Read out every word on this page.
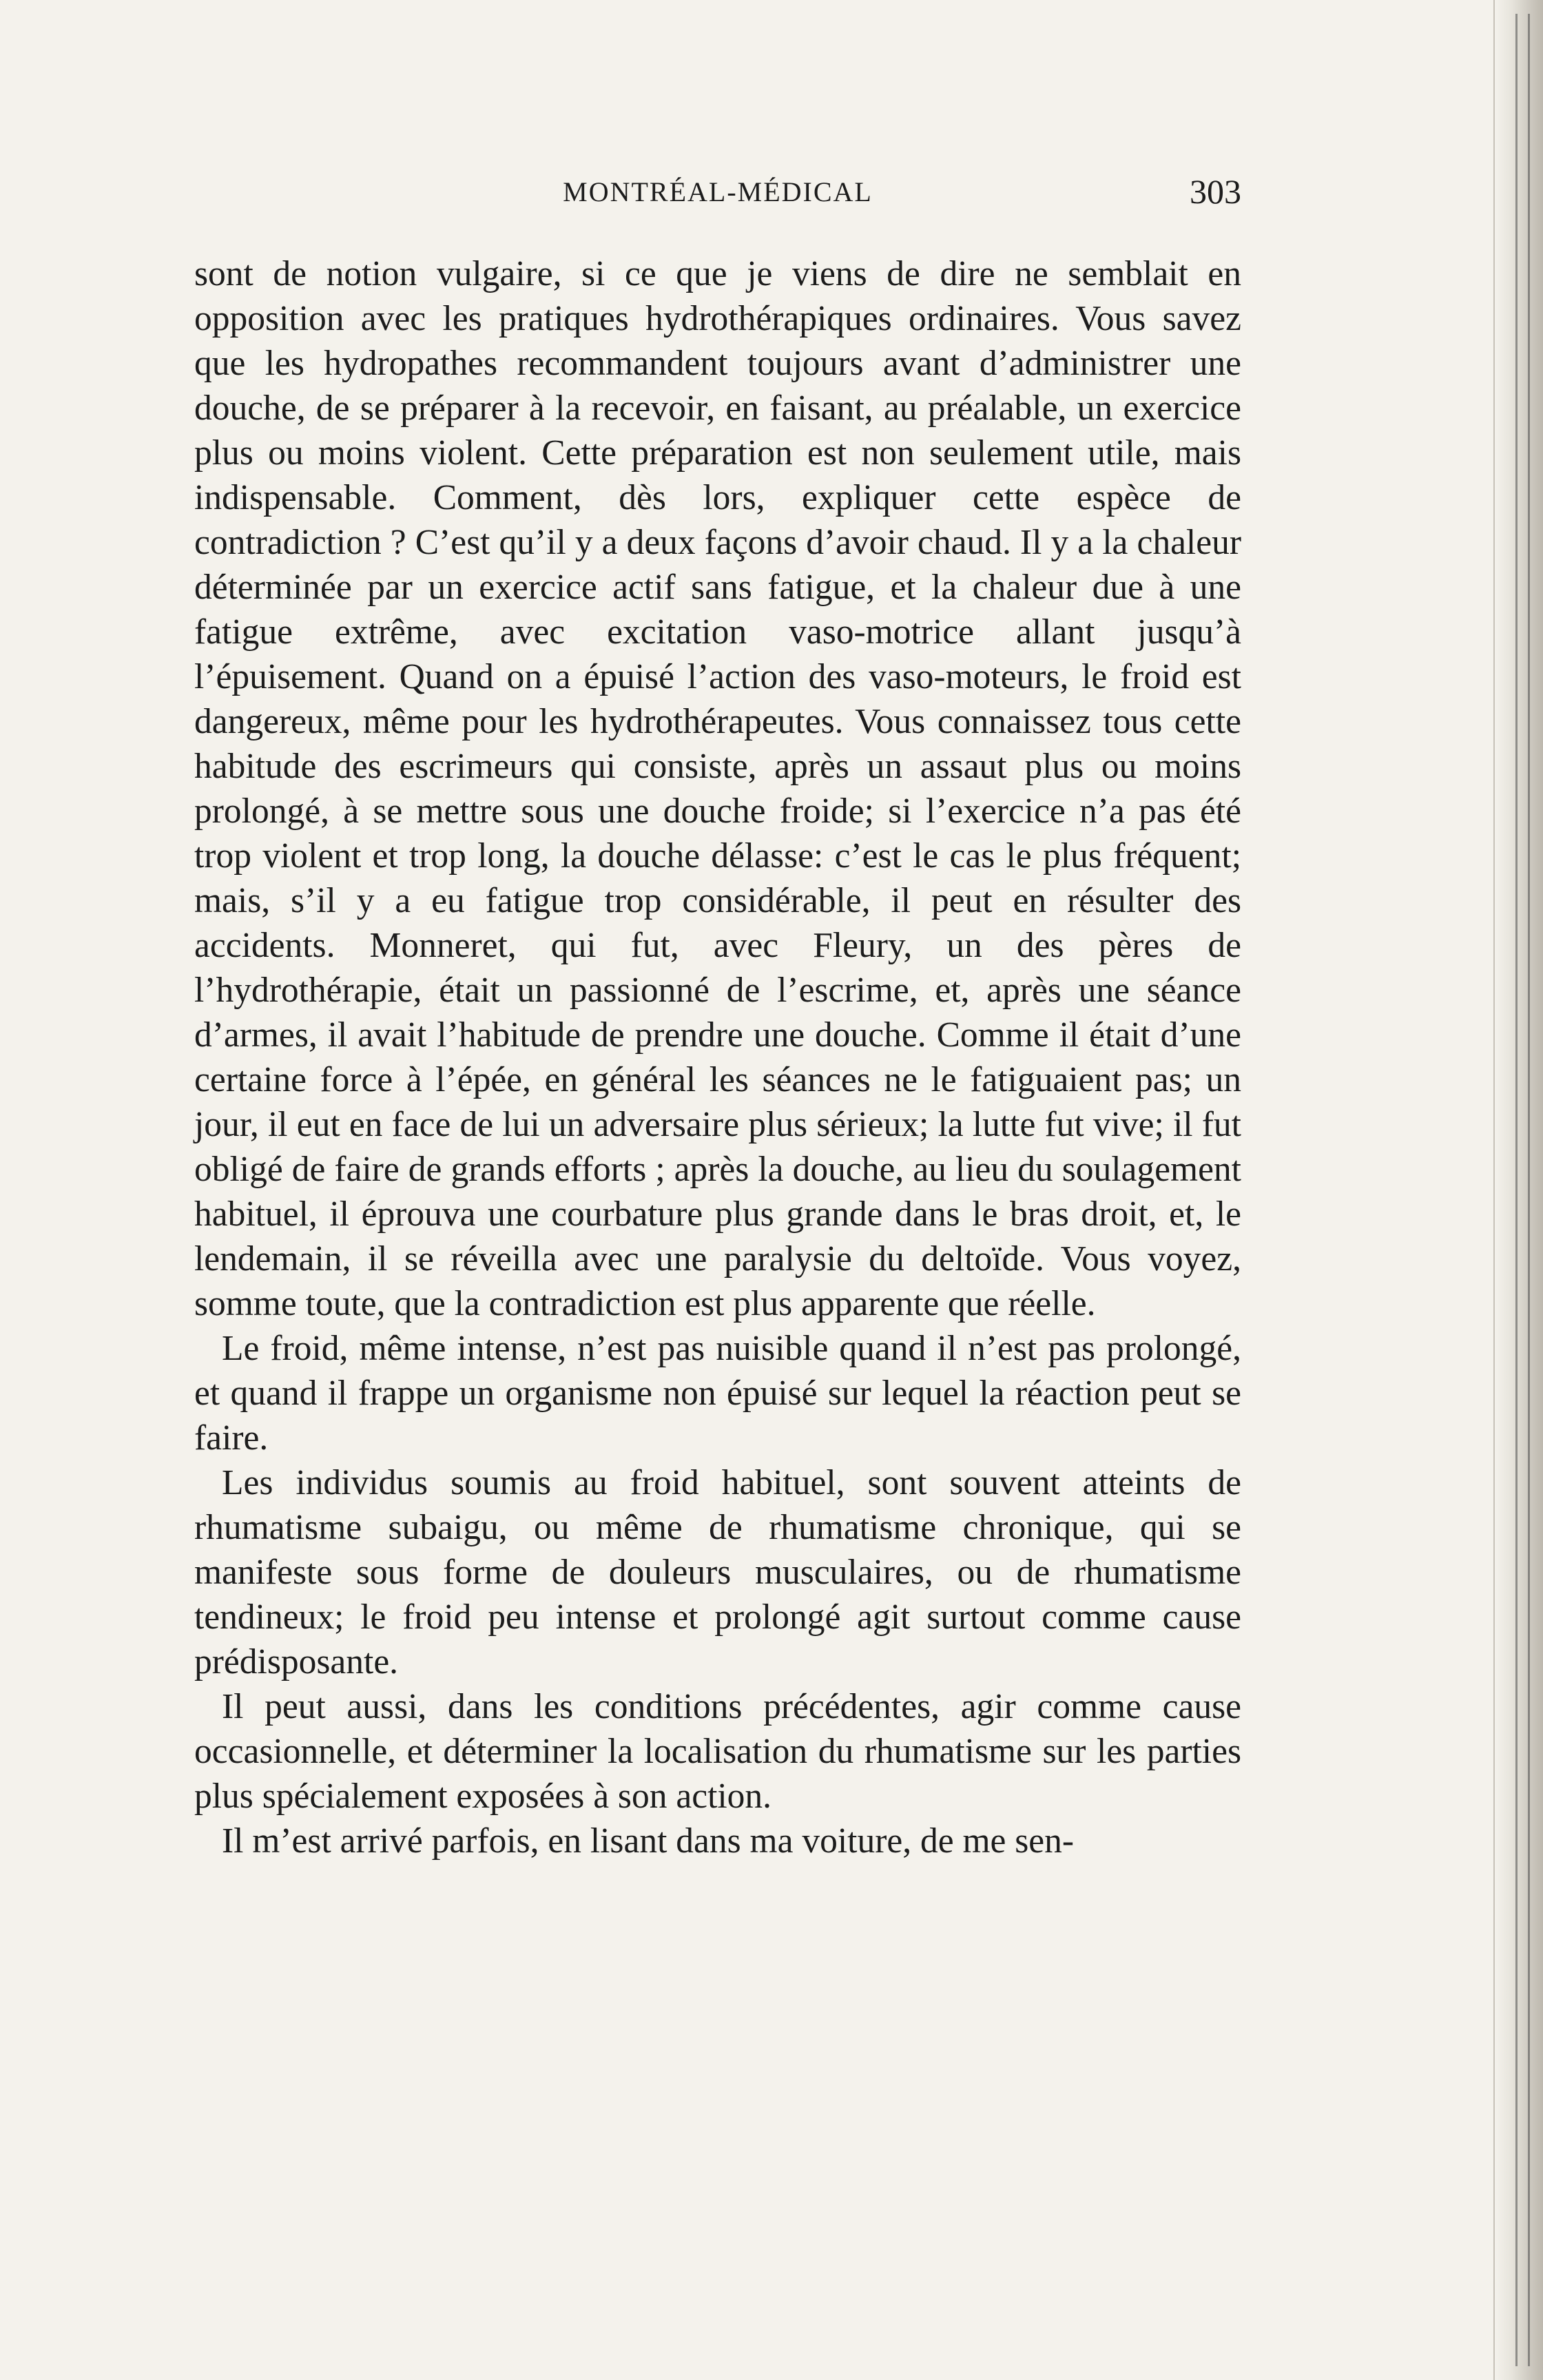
MONTRÉAL-MÉDICAL	303

sont de notion vulgaire, si ce que je viens de dire ne semblait en opposition avec les pratiques hydrothérapiques ordinaires. Vous savez que les hydropathes recommandent toujours avant d’administrer une douche, de se préparer à la recevoir, en faisant, au préalable, un exercice plus ou moins violent. Cette préparation est non seulement utile, mais indispensable. Comment, dès lors, expliquer cette espèce de contradiction ? C’est qu’il y a deux façons d’avoir chaud. Il y a la chaleur déterminée par un exercice actif sans fatigue, et la chaleur due à une fatigue extrême, avec excitation vaso-motrice allant jusqu’à l’épuisement. Quand on a épuisé l’action des vaso-moteurs, le froid est dangereux, même pour les hydrothérapeutes. Vous connaissez tous cette habitude des escrimeurs qui consiste, après un assaut plus ou moins prolongé, à se mettre sous une douche froide; si l’exercice n’a pas été trop violent et trop long, la douche délasse: c’est le cas le plus fréquent; mais, s’il y a eu fatigue trop considérable, il peut en résulter des accidents. Monneret, qui fut, avec Fleury, un des pères de l’hydrothérapie, était un passionné de l’escrime, et, après une séance d’armes, il avait l’habitude de prendre une douche. Comme il était d’une certaine force à l’épée, en général les séances ne le fatiguaient pas; un jour, il eut en face de lui un adversaire plus sérieux; la lutte fut vive; il fut obligé de faire de grands efforts ; après la douche, au lieu du soulagement habituel, il éprouva une courbature plus grande dans le bras droit, et, le lendemain, il se réveilla avec une paralysie du deltoïde. Vous voyez, somme toute, que la contradiction est plus apparente que réelle.

Le froid, même intense, n’est pas nuisible quand il n’est pas prolongé, et quand il frappe un organisme non épuisé sur lequel la réaction peut se faire.

Les individus soumis au froid habituel, sont souvent atteints de rhumatisme subaigu, ou même de rhumatisme chronique, qui se manifeste sous forme de douleurs musculaires, ou de rhumatisme tendineux; le froid peu intense et prolongé agit surtout comme cause prédisposante.

Il peut aussi, dans les conditions précédentes, agir comme cause occasionnelle, et déterminer la localisation du rhumatisme sur les parties plus spécialement exposées à son action.

Il m’est arrivé parfois, en lisant dans ma voiture, de me sen-
